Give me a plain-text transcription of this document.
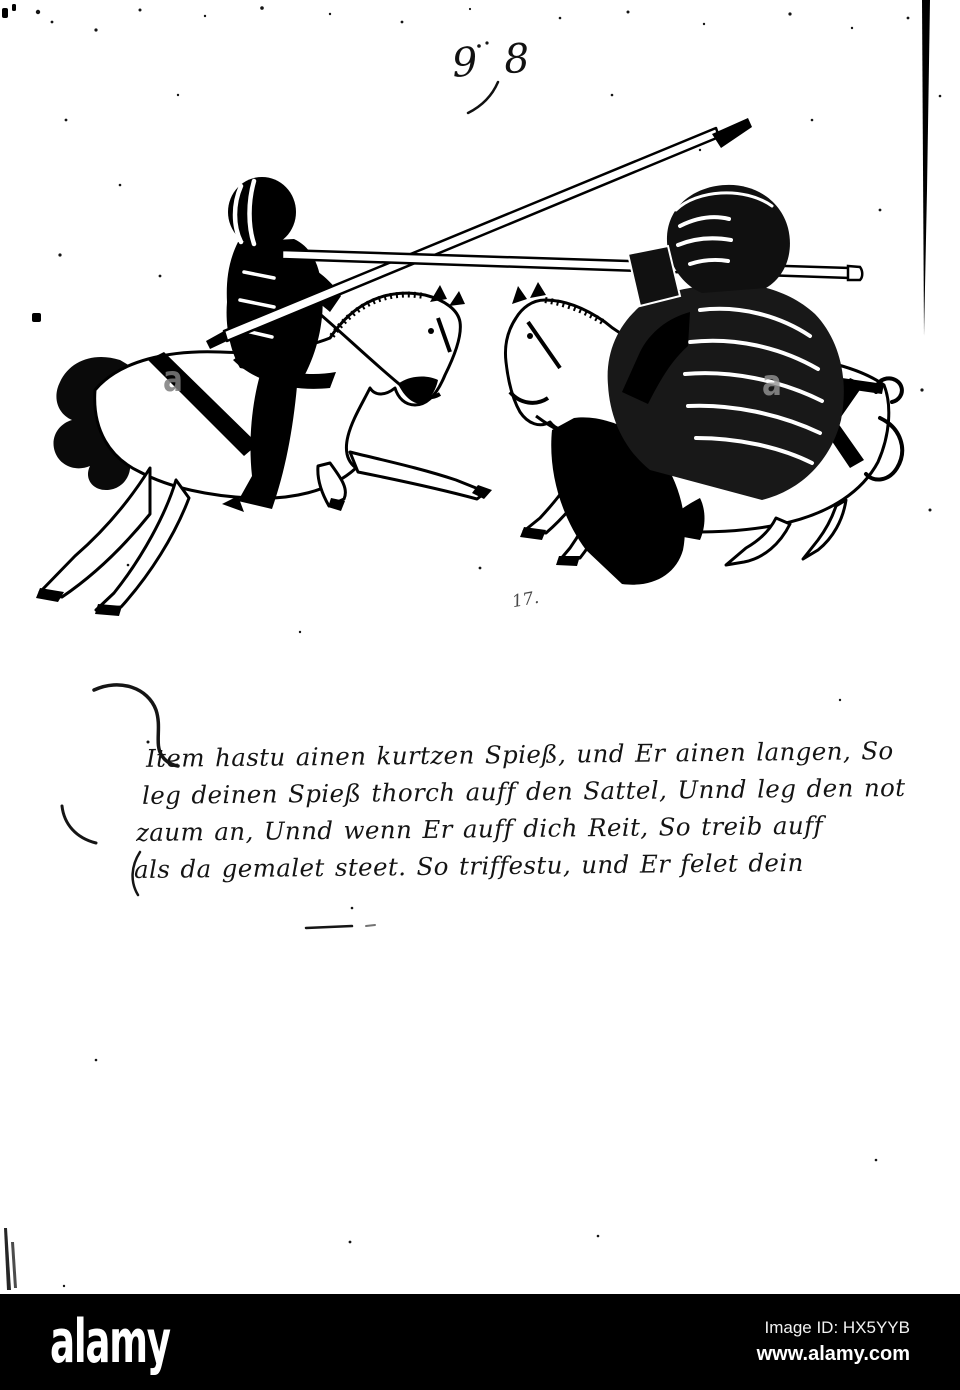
9 8
Item hastu ainen kurtzen Spieß, und Er ainen langen, So
leg deinen Spieß thorch auff den Sattel, Unnd leg den not
zaum an, Unnd wenn Er auff dich Reit, So treib auff
als da gemalet steet. So triffestu, und Er felet dein
17.
a	a
alamy	Image ID: HX5YYB
www.alamy.com
